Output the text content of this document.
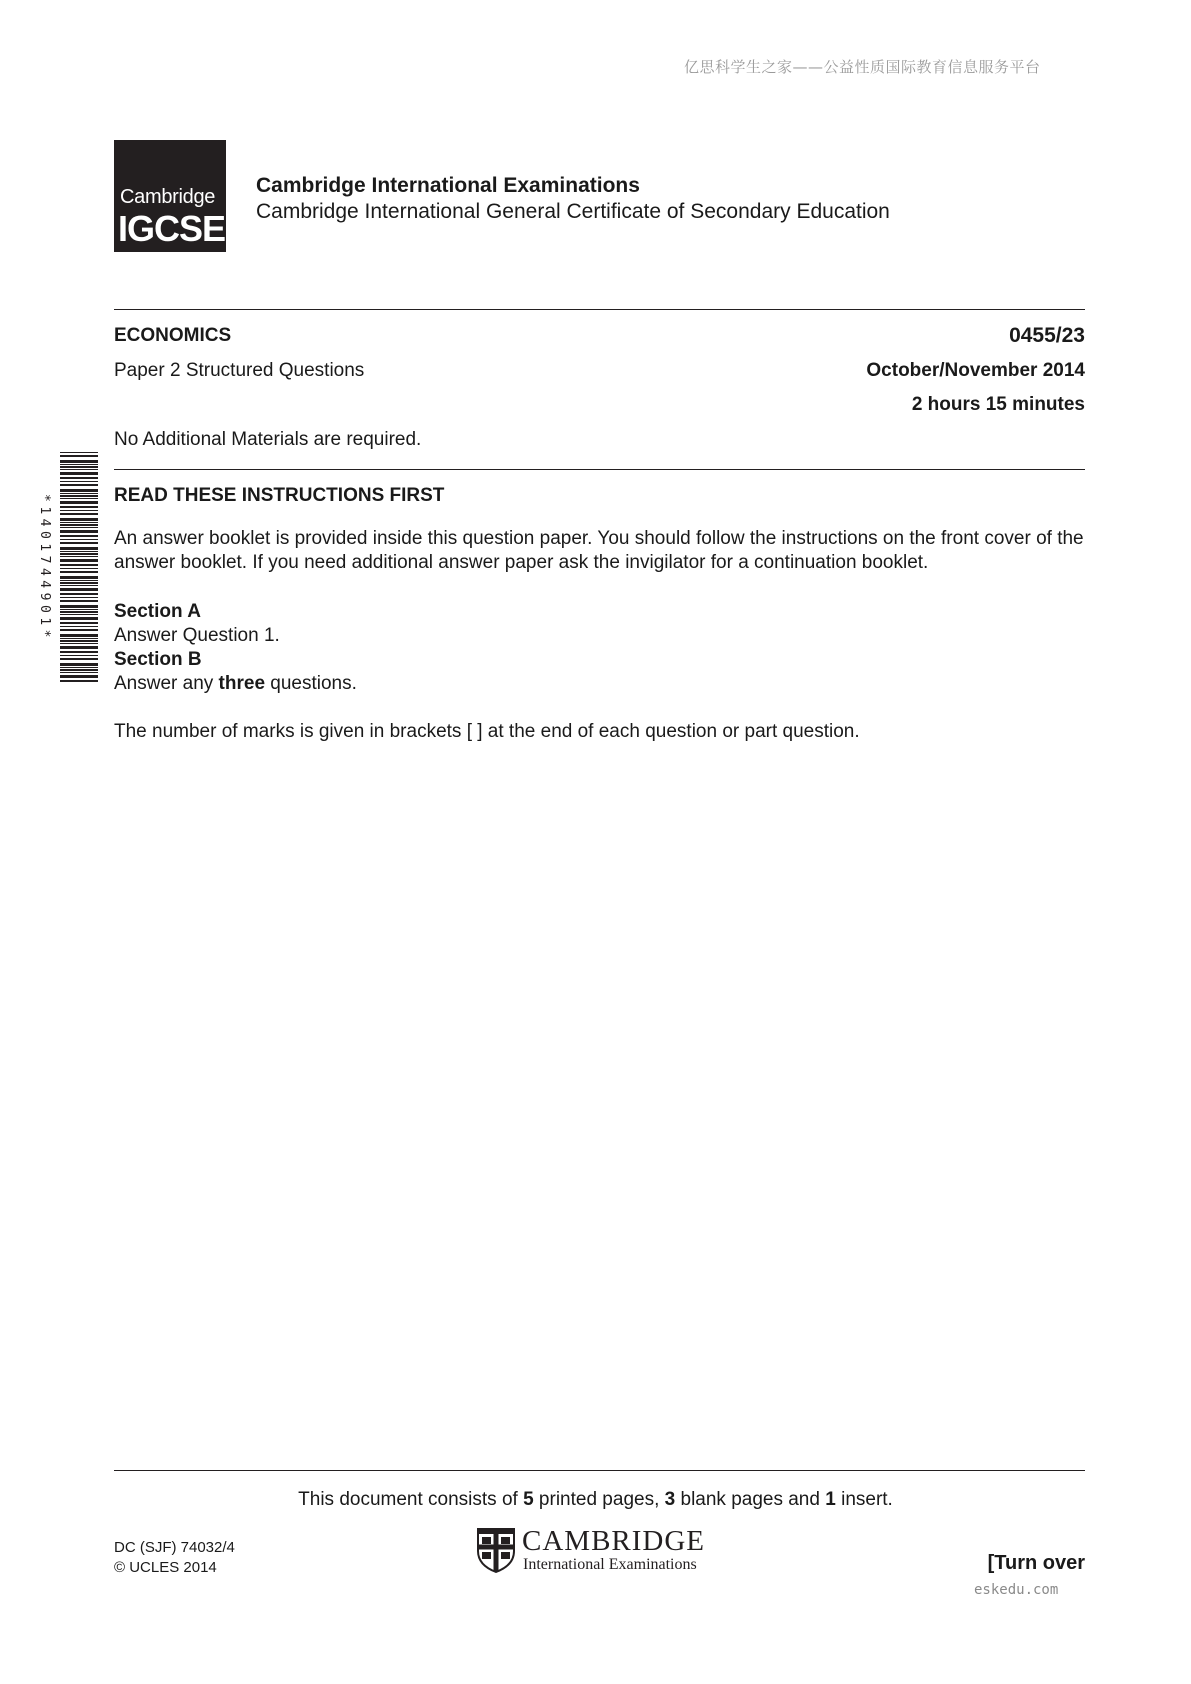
亿思科学生之家——公益性质国际教育信息服务平台
Cambridge
IGCSE
Cambridge International Examinations
Cambridge International General Certificate of Secondary Education
ECONOMICS	0455/23
Paper 2 Structured Questions	October/November 2014
2 hours 15 minutes
No Additional Materials are required.
*1401744901*	READ THESE INSTRUCTIONS FIRST
An answer booklet is provided inside this question paper. You should follow the instructions on the front cover of the answer booklet. If you need additional answer paper ask the invigilator for a continuation booklet.
Section A
Answer Question 1.
Section B
Answer any three questions.
The number of marks is given in brackets [ ] at the end of each question or part question.
This document consists of 5 printed pages, 3 blank pages and 1 insert.
DC (SJF) 74032/4
© UCLES 2014
CAMBRIDGE
International Examinations	[Turn over
eskedu.com
